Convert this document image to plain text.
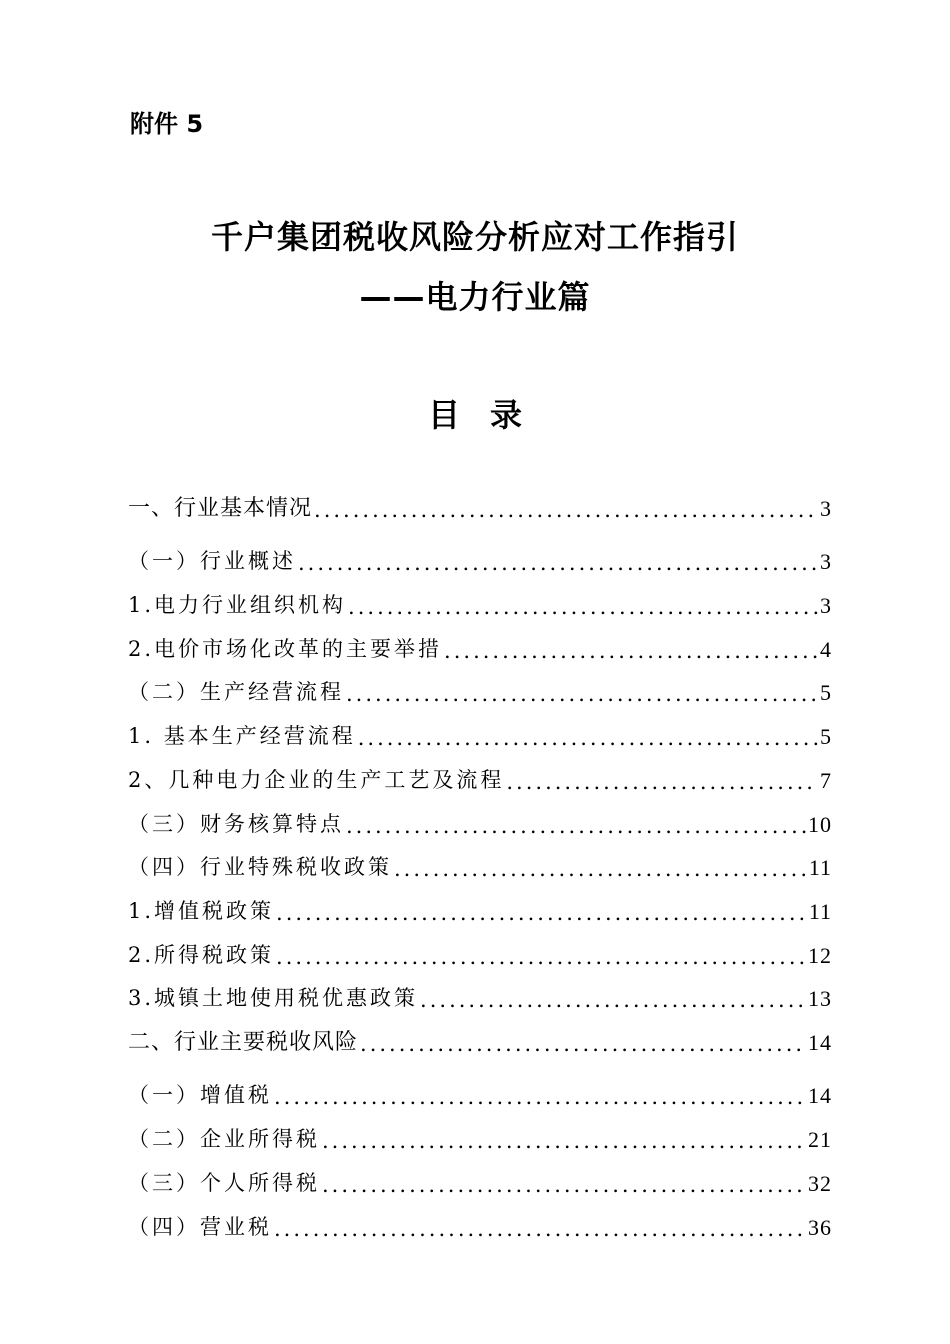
附件 5
千户集团税收风险分析应对工作指引
——电力行业篇
目录
一、行业基本情况 .....	3
（一）行业概述 .....	3
1.电力行业组织机构 .....	3
2.电价市场化改革的主要举措 .....	4
（二）生产经营流程 .....	5
1. 基本生产经营流程 .....	5
2、几种电力企业的生产工艺及流程 .....	7
（三）财务核算特点 .....	10
（四）行业特殊税收政策 .....	11
1.增值税政策 .....	11
2.所得税政策 .....	12
3.城镇土地使用税优惠政策 .....	13
二、行业主要税收风险 .....	14
（一）增值税 .....	14
（二）企业所得税 .....	21
（三）个人所得税 .....	32
（四）营业税 .....	36
